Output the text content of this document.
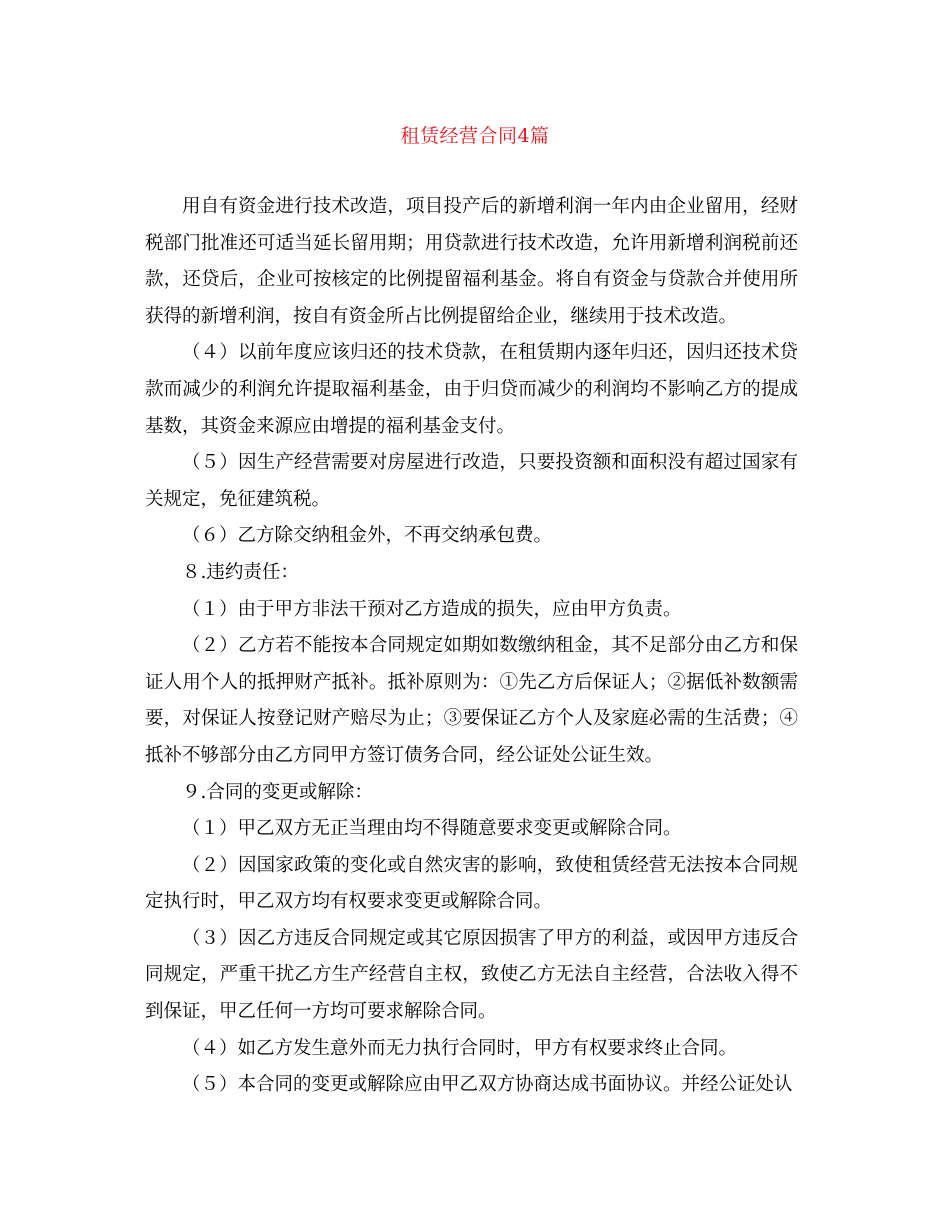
租赁经营合同4篇

用自有资金进行技术改造，项目投产后的新增利润一年内由企业留用，经财税部门批准还可适当延长留用期；用贷款进行技术改造，允许用新增利润税前还款，还贷后，企业可按核定的比例提留福利基金。将自有资金与贷款合并使用所获得的新增利润，按自有资金所占比例提留给企业，继续用于技术改造。

（４）以前年度应该归还的技术贷款，在租赁期内逐年归还，因归还技术贷款而减少的利润允许提取福利基金，由于归贷而减少的利润均不影响乙方的提成基数，其资金来源应由增提的福利基金支付。

（５）因生产经营需要对房屋进行改造，只要投资额和面积没有超过国家有关规定，免征建筑税。

（６）乙方除交纳租金外，不再交纳承包费。

８.违约责任：

（１）由于甲方非法干预对乙方造成的损失，应由甲方负责。

（２）乙方若不能按本合同规定如期如数缴纳租金，其不足部分由乙方和保证人用个人的抵押财产抵补。抵补原则为：①先乙方后保证人；②据低补数额需要，对保证人按登记财产赔尽为止；③要保证乙方个人及家庭必需的生活费；④抵补不够部分由乙方同甲方签订债务合同，经公证处公证生效。

９.合同的变更或解除：

（１）甲乙双方无正当理由均不得随意要求变更或解除合同。

（２）因国家政策的变化或自然灾害的影响，致使租赁经营无法按本合同规定执行时，甲乙双方均有权要求变更或解除合同。

（３）因乙方违反合同规定或其它原因损害了甲方的利益，或因甲方违反合同规定，严重干扰乙方生产经营自主权，致使乙方无法自主经营，合法收入得不到保证，甲乙任何一方均可要求解除合同。

（４）如乙方发生意外而无力执行合同时，甲方有权要求终止合同。

（５）本合同的变更或解除应由甲乙双方协商达成书面协议。并经公证处认
